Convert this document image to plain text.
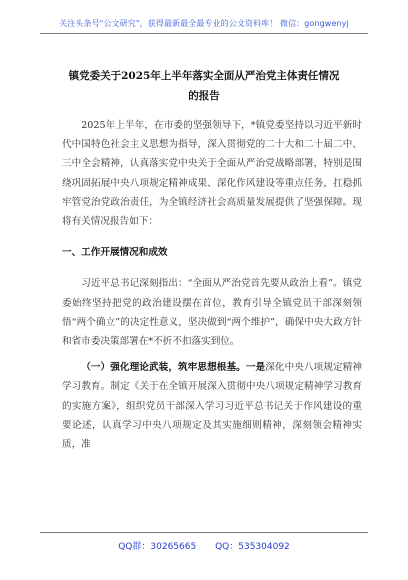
关注头条号"公文研究"，获得最新最全最专业的公文资料库！ 微信：gongwenyj
镇党委关于2025年上半年落实全面从严治党主体责任情况
的报告

2025年上半年，在市委的坚强领导下，*镇党委坚持以习近平新时代中国特色社会主义思想为指导，深入贯彻党的二十大和二十届二中、三中全会精神，认真落实党中央关于全面从严治党战略部署，特别是围绕巩固拓展中央八项规定精神成果、深化作风建设等重点任务，扛稳抓牢管党治党政治责任，为全镇经济社会高质量发展提供了坚强保障。现将有关情况报告如下：

一、工作开展情况和成效

习近平总书记深刻指出：“全面从严治党首先要从政治上看”。镇党委始终坚持把党的政治建设摆在首位，教育引导全镇党员干部深刻领悟“两个确立”的决定性意义，坚决做到“两个维护”，确保中央大政方针和省市委决策部署在*不折不扣落实到位。

（一）强化理论武装，筑牢思想根基。一是深化中央八项规定精神学习教育。制定《关于在全镇开展深入贯彻中央八项规定精神学习教育的实施方案》，组织党员干部深入学习习近平总书记关于作风建设的重要论述，认真学习中央八项规定及其实施细则精神，深刻领会精神实质，准

QQ群：30265665 QQ：535304092
